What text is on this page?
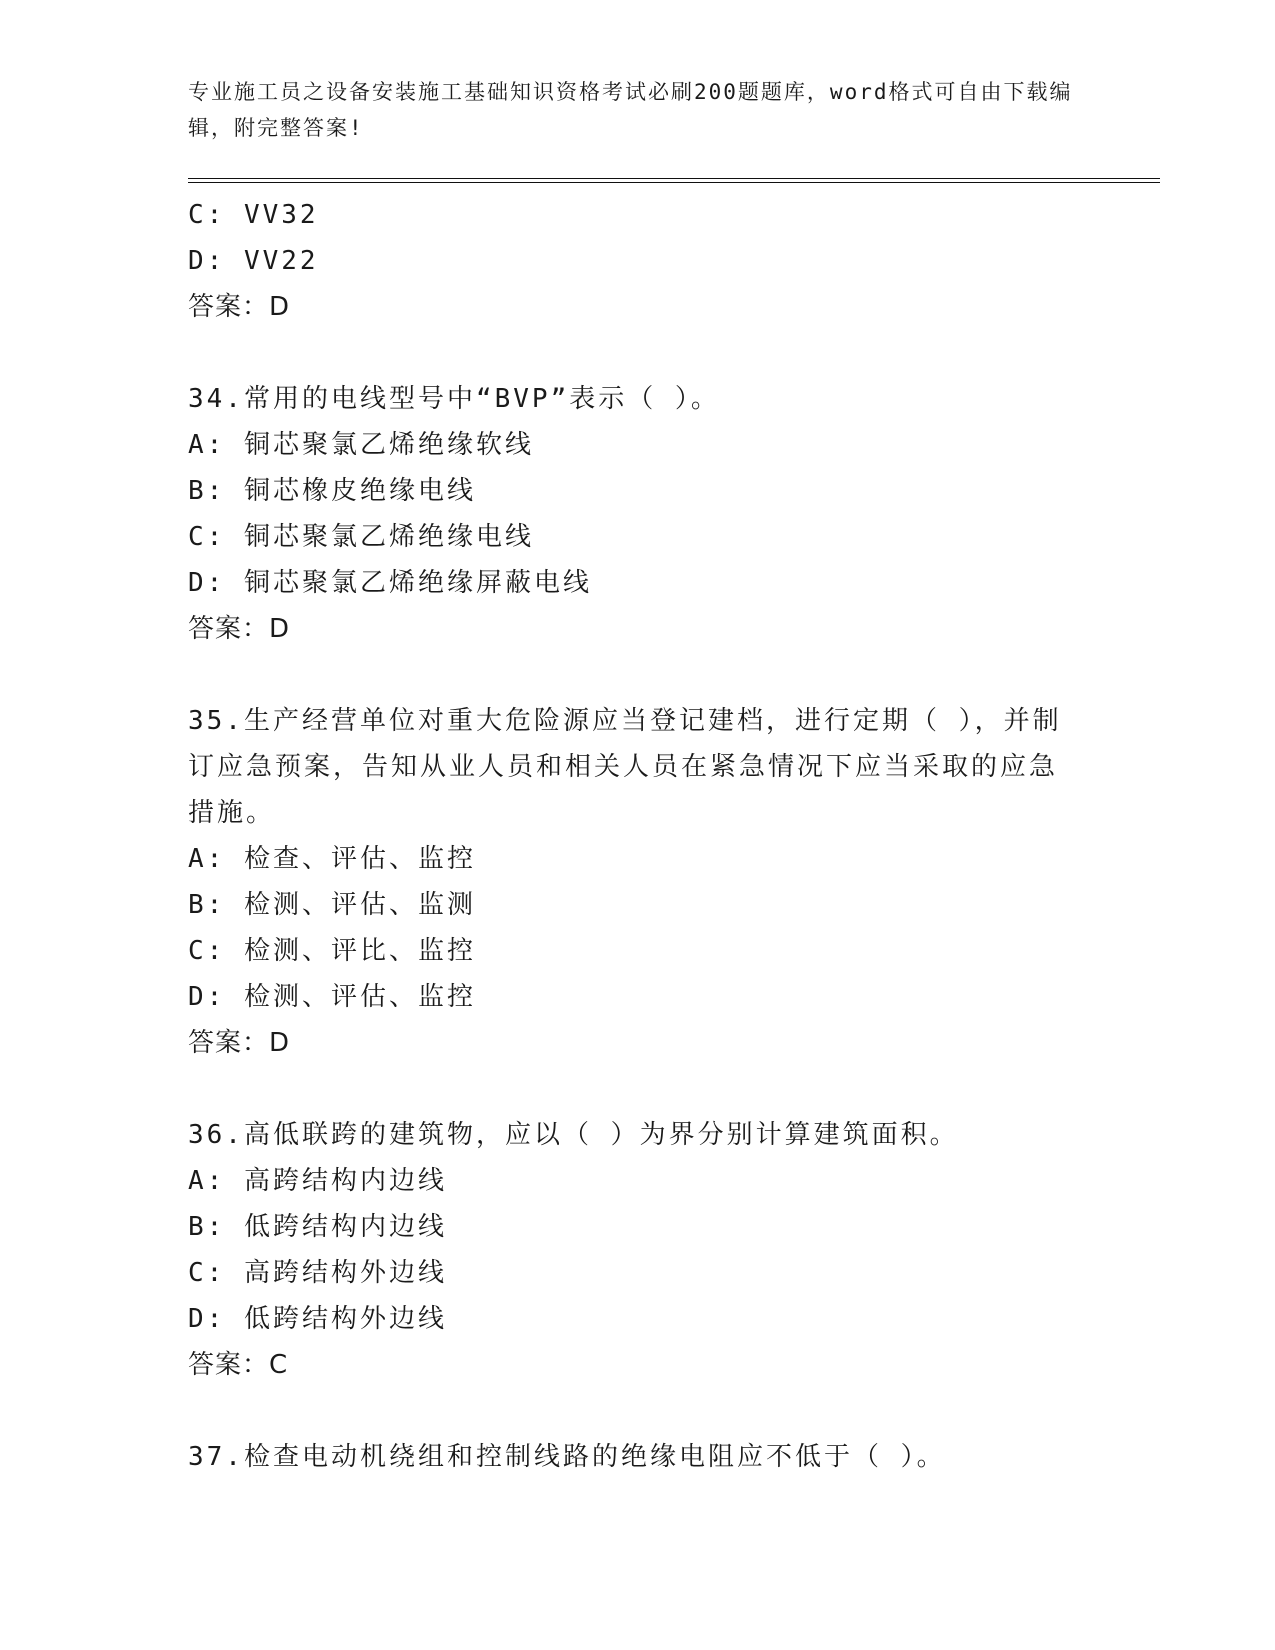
专业施工员之设备安装施工基础知识资格考试必刷200题题库，word格式可自由下载编辑，附完整答案!
C: VV32
D: VV22
答案：D
34.常用的电线型号中“BVP”表示（ ）。
A: 铜芯聚氯乙烯绝缘软线
B: 铜芯橡皮绝缘电线
C: 铜芯聚氯乙烯绝缘电线
D: 铜芯聚氯乙烯绝缘屏蔽电线
答案：D
35.生产经营单位对重大危险源应当登记建档，进行定期（ ），并制订应急预案，告知从业人员和相关人员在紧急情况下应当采取的应急措施。
A: 检查、评估、监控
B: 检测、评估、监测
C: 检测、评比、监控
D: 检测、评估、监控
答案：D
36.高低联跨的建筑物，应以（ ）为界分别计算建筑面积。
A: 高跨结构内边线
B: 低跨结构内边线
C: 高跨结构外边线
D: 低跨结构外边线
答案：C
37.检查电动机绕组和控制线路的绝缘电阻应不低于（ ）。
